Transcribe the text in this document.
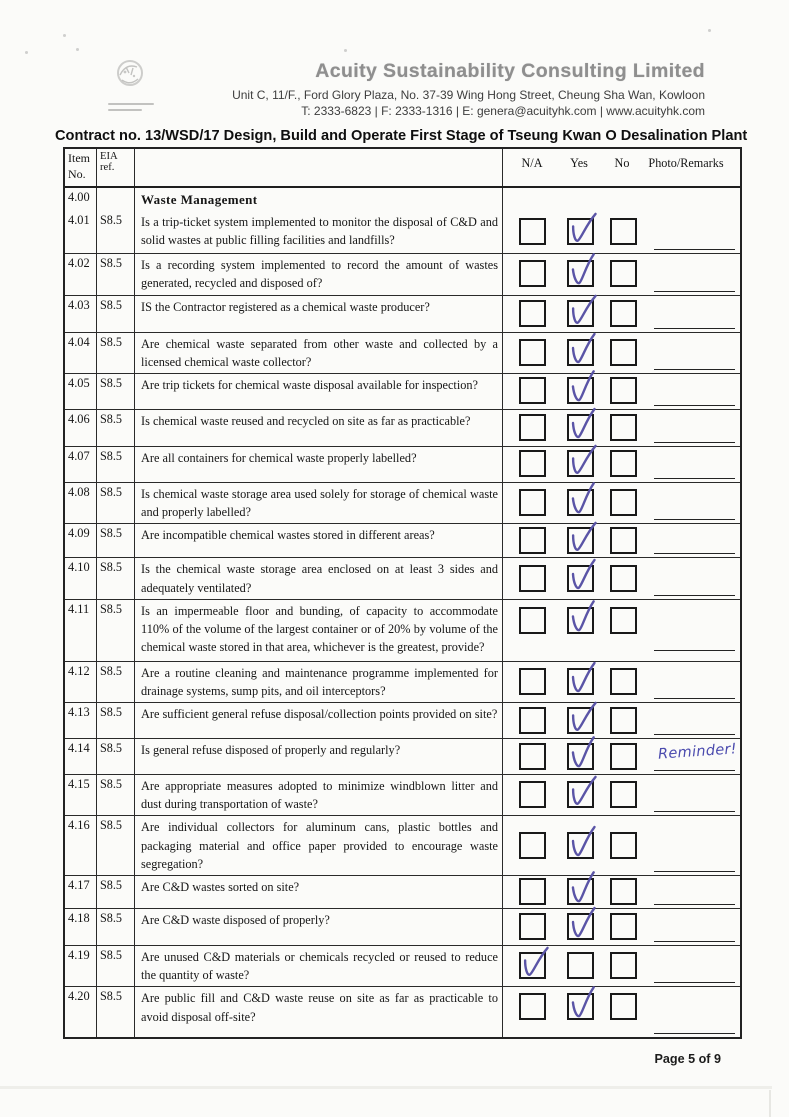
Acuity Sustainability Consulting Limited
Unit C, 11/F., Ford Glory Plaza, No. 37-39 Wing Hong Street, Cheung Sha Wan, Kowloon
T: 2333-6823 | F: 2333-1316 | E: genera@acuityhk.com | www.acuityhk.com
Contract no. 13/WSD/17 Design, Build and Operate First Stage of Tseung Kwan O Desalination Plant
Item
No.
EIA ref.	N/A	Yes	No	Photo/Remarks
4.00	Waste Management
4.01 S8.5	Is a trip-ticket system implemented to monitor the disposal of C&D and solid wastes at public filling facilities and landfills?
4.02 S8.5	Is a recording system implemented to record the amount of wastes generated, recycled and disposed of?
4.03 S8.5	IS the Contractor registered as a chemical waste producer?
4.04 S8.5	Are chemical waste separated from other waste and collected by a licensed chemical waste collector?
4.05 S8.5	Are trip tickets for chemical waste disposal available for inspection?
4.06 S8.5	Is chemical waste reused and recycled on site as far as practicable?
4.07 S8.5	Are all containers for chemical waste properly labelled?
4.08 S8.5	Is chemical waste storage area used solely for storage of chemical waste and properly labelled?
4.09 S8.5	Are incompatible chemical wastes stored in different areas?
4.10 S8.5	Is the chemical waste storage area enclosed on at least 3 sides and adequately ventilated?
4.11 S8.5	Is an impermeable floor and bunding, of capacity to accommodate 110% of the volume of the largest container or of 20% by volume of the chemical waste stored in that area, whichever is the greatest, provide?
4.12 S8.5	Are a routine cleaning and maintenance programme implemented for drainage systems, sump pits, and oil interceptors?
4.13 S8.5	Are sufficient general refuse disposal/collection points provided on site?
4.14 S8.5	Is general refuse disposed of properly and regularly?	Reminder!
4.15 S8.5	Are appropriate measures adopted to minimize windblown litter and dust during transportation of waste?
4.16 S8.5	Are individual collectors for aluminum cans, plastic bottles and packaging material and office paper provided to encourage waste segregation?
4.17 S8.5	Are C&D wastes sorted on site?
4.18 S8.5	Are C&D waste disposed of properly?
4.19 S8.5	Are unused C&D materials or chemicals recycled or reused to reduce the quantity of waste?
4.20 S8.5	Are public fill and C&D waste reuse on site as far as practicable to avoid disposal off-site?
Page 5 of 9
